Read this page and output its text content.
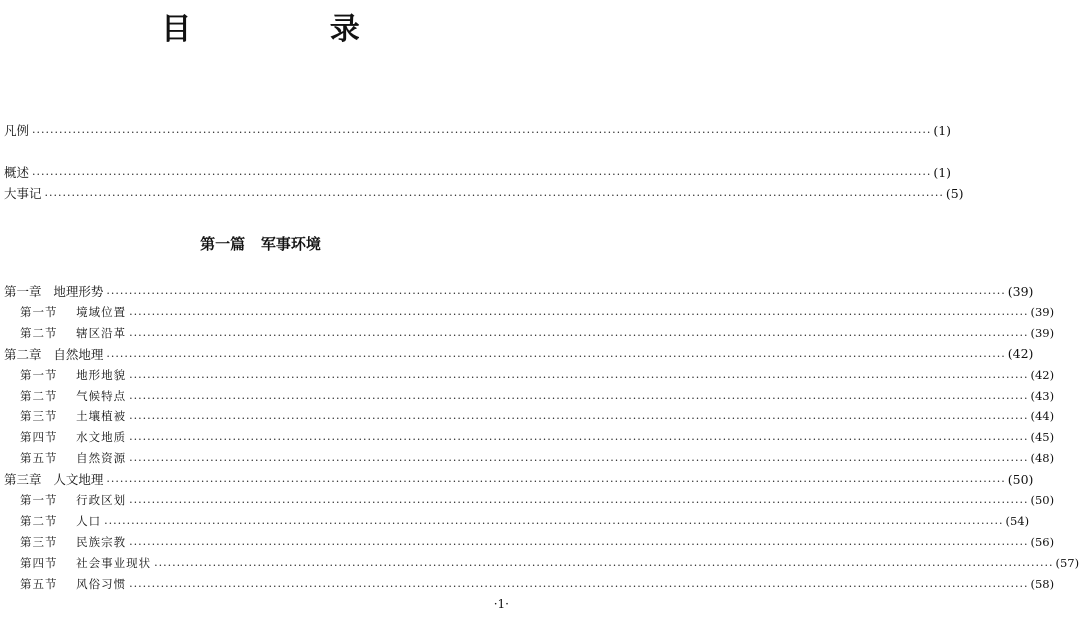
目 录
凡例 ........................................................................................................................................................................................................ (1)
概述 ........................................................................................................................................................................................................ (1)
大事记 ........................................................................................................................................................................................................ (5)
第一篇   军事环境
第一章   地理形势 ........................................................................................................................................................................................................ (39)
第一节    境域位置 ........................................................................................................................................................................................................ (39)
第二节    辖区沿革 ........................................................................................................................................................................................................ (39)
第二章   自然地理 ........................................................................................................................................................................................................ (42)
第一节    地形地貌 ........................................................................................................................................................................................................ (42)
第二节    气候特点 ........................................................................................................................................................................................................ (43)
第三节    土壤植被 ........................................................................................................................................................................................................ (44)
第四节    水文地质 ........................................................................................................................................................................................................ (45)
第五节    自然资源 ........................................................................................................................................................................................................ (48)
第三章   人文地理 ........................................................................................................................................................................................................ (50)
第一节    行政区划 ........................................................................................................................................................................................................ (50)
第二节    人口 ........................................................................................................................................................................................................ (54)
第三节    民族宗教 ........................................................................................................................................................................................................ (56)
第四节    社会事业现状 ........................................................................................................................................................................................................ (57)
第五节    风俗习惯 ........................................................................................................................................................................................................ (58)
·1·
